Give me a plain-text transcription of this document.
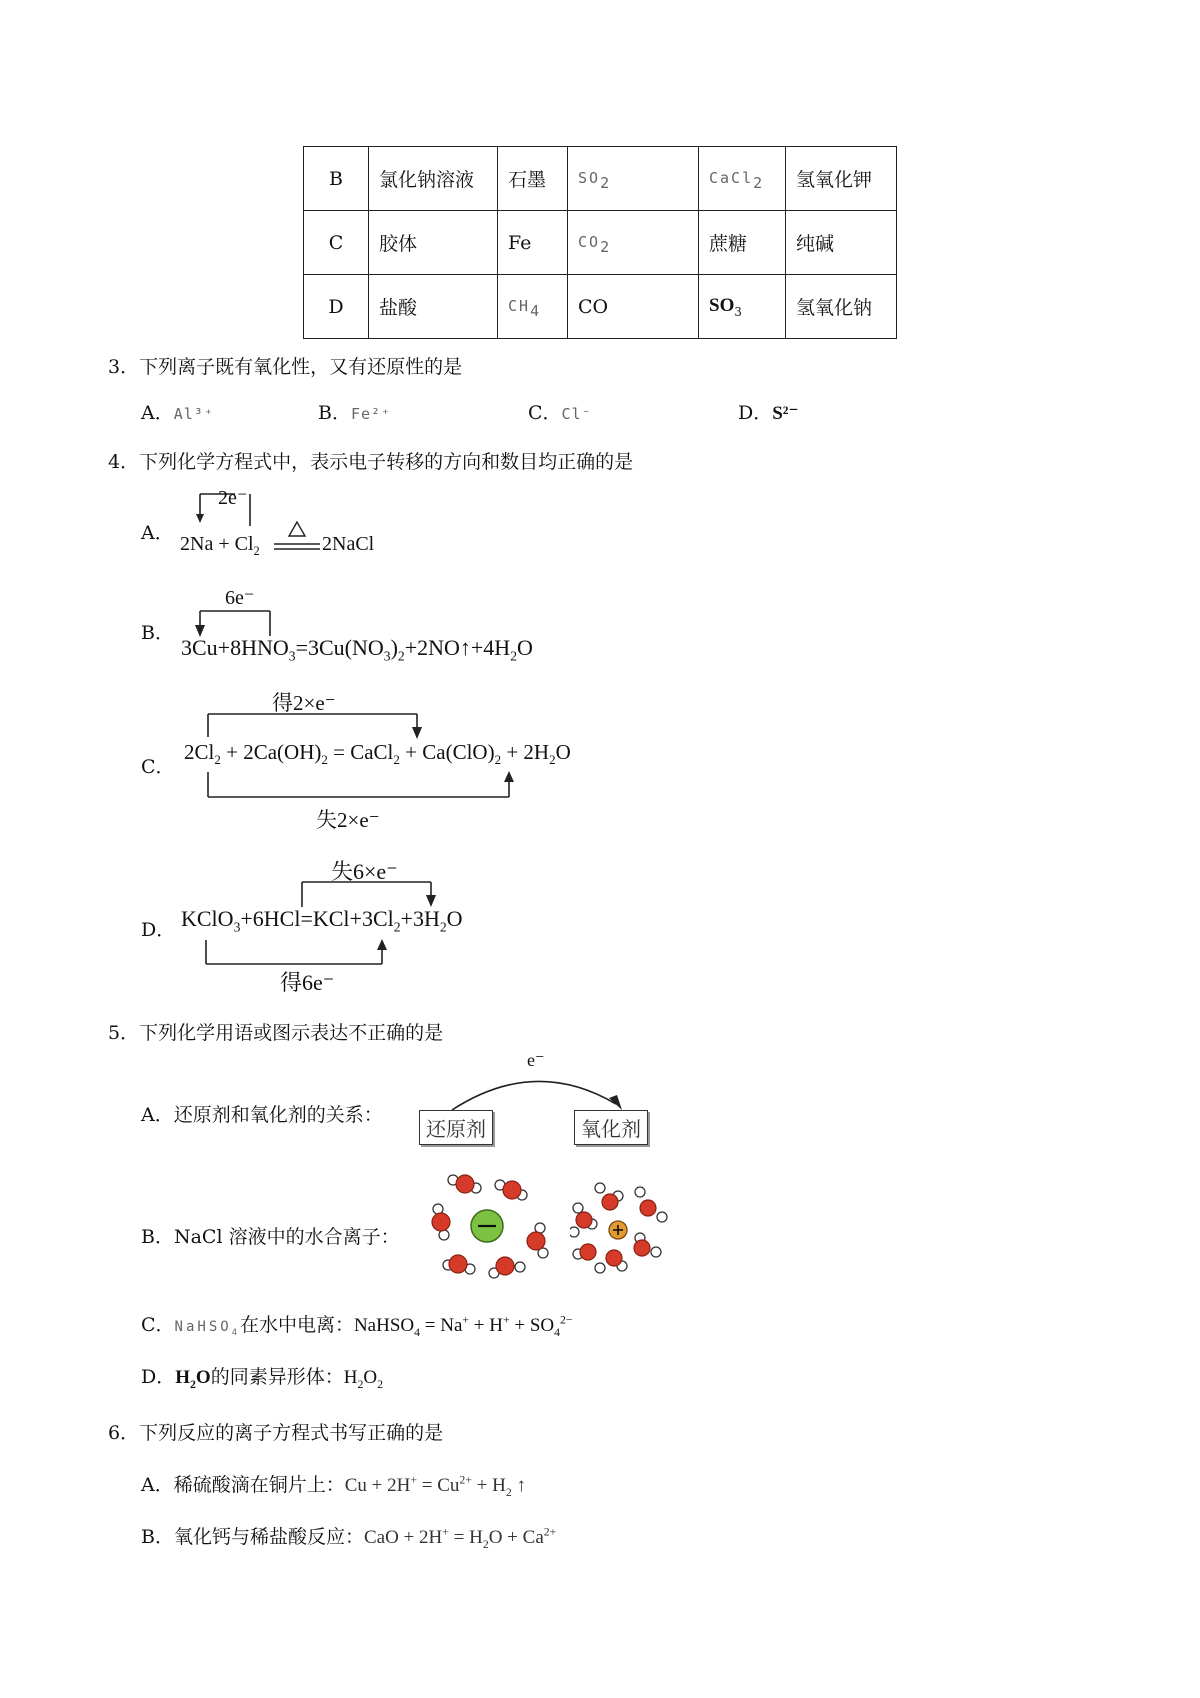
B	氯化钠溶液	石墨	$SO_2$	CaCl$_2$	氢氧化钾
C	胶体	Fe	$CO_2$	蔗糖	纯碱
D	盐酸	$CH_4$	CO	$SO_3$	氢氧化钠
3．下列离子既有氧化性，又有还原性的是
A．Al³⁺	B．Fe²⁺	C．Cl⁻	D．S²⁻
4．下列化学方程式中，表示电子转移的方向和数目均正确的是
A．
2e⁻
$2Na + Cl_2$	2NaCl
B．
6e⁻
$3Cu+8HNO_3=3Cu(NO_3)_2+2NO↑+4H_2O$
C．
得2×e⁻
$2Cl_2 + 2Ca(OH)_2$ = CaCl$_2$ + $Ca(ClO)_2 + 2H_2O$
失2×e⁻
D．
失6×e⁻
$KClO_3+6HCl=KCl+3Cl_2+3H_2O$
得6e⁻
5．下列化学用语或图示表达不正确的是
A．还原剂和氧化剂的关系：
e⁻
还原剂	氧化剂
B．NaCl 溶液中的水合离子：
C．NaHSO$_4$在水中电离：NaHSO$_4$ = $Na^+ + H^+ + SO_4^{2-}$
D．$H_2O$的同素异形体：$H_2O_2$
6．下列反应的离子方程式书写正确的是
A．稀硫酸滴在铜片上：$Cu + 2H^+ = Cu^{2+} + H_2$ ↑
B．氧化钙与稀盐酸反应：CaO + $2H^+ = H_2O + Ca^{2+}$
